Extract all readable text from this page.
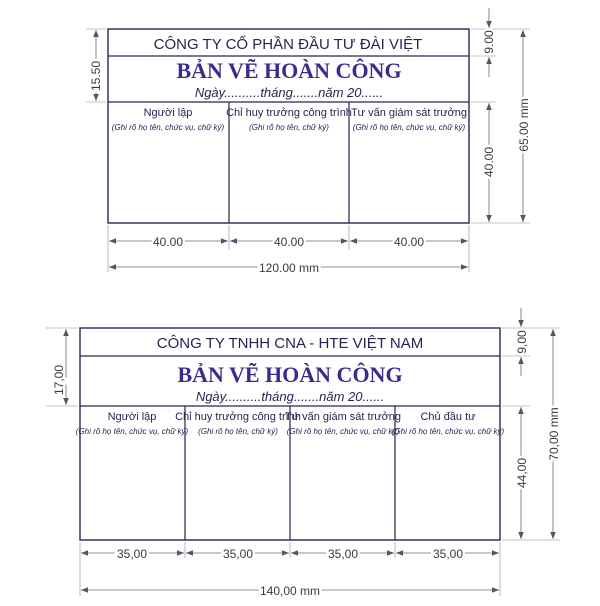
CÔNG TY CỔ PHẦN ĐẦU TƯ ĐÀI VIỆT
BẢN VẼ HOÀN CÔNG
Ngày..........tháng.......năm 20......
Người lập
(Ghi rõ họ tên, chức vụ, chữ ký)
Chỉ huy trưởng công trình
(Ghi rõ họ tên, chữ ký)
Tư vấn giám sát trưởng
(Ghi rõ họ tên, chức vụ, chữ ký)
40.00	40.00	40.00
120.00 mm
15.50
9.00
40.00
65.00 mm
CÔNG TY TNHH CNA - HTE VIỆT NAM
BẢN VẼ HOÀN CÔNG
Ngày..........tháng.......năm 20......
Người lập
(Ghi rõ họ tên, chức vụ, chữ ký)
Chỉ huy trưởng công trình
(Ghi rõ họ tên, chữ ký)
Tư vấn giám sát trưởng
(Ghi rõ họ tên, chức vụ, chữ ký)
Chủ đầu tư
(Ghi rõ họ tên, chức vụ, chữ ký)
35,00	35,00	35,00	35,00
140,00 mm
17,00
9,00
44,00
70,00 mm
